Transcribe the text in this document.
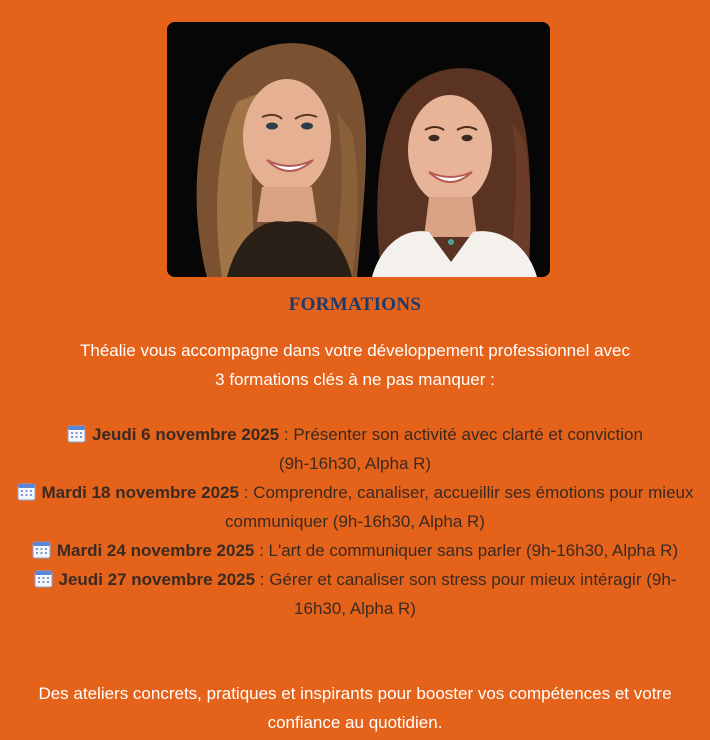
FORMATIONS
Théalie vous accompagne dans votre développement professionnel avec
3 formations clés à ne pas manquer :

Jeudi 6 novembre 2025 : Présenter son activité avec clarté et conviction
(9h-16h30, Alpha R)

Mardi 18 novembre 2025 : Comprendre, canaliser, accueillir ses émotions pour mieux communiquer (9h-16h30, Alpha R)

Mardi 24 novembre 2025 : L'art de communiquer sans parler (9h-16h30, Alpha R)

Jeudi 27 novembre 2025 : Gérer et canaliser son stress pour mieux intéragir (9h-16h30, Alpha R)

Des ateliers concrets, pratiques et inspirants pour booster vos compétences et votre confiance au quotidien.
